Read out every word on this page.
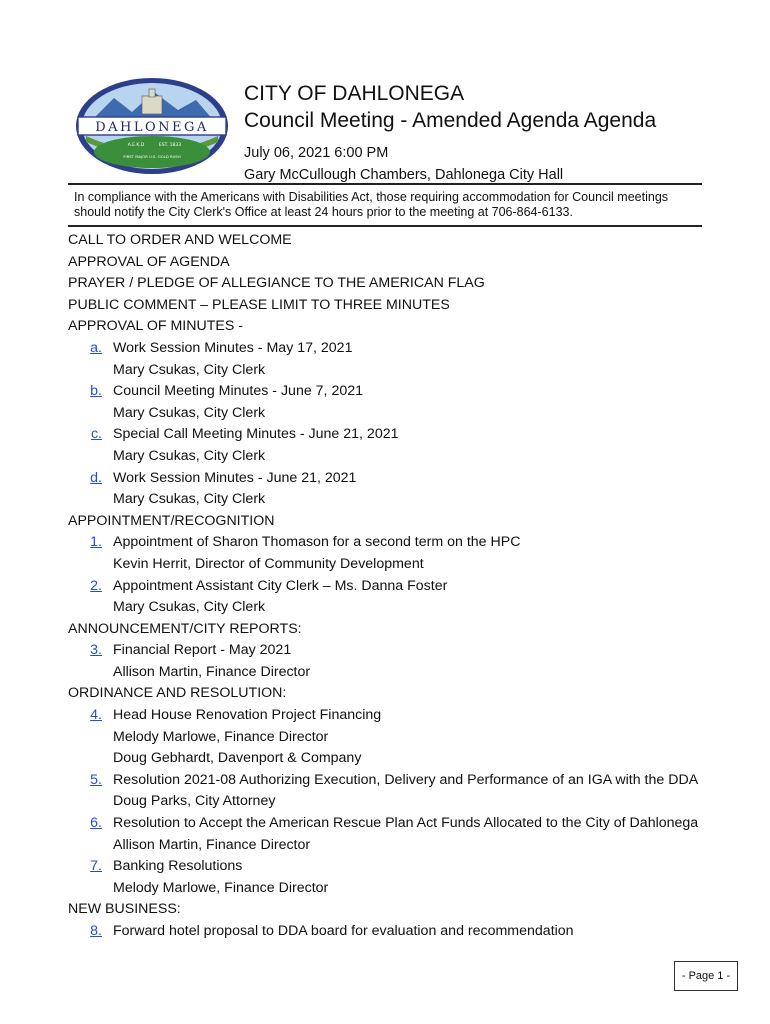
DAHLONEGA
A.E.K.D	EST. 1833
FIRST MAJOR U.S. GOLD RUSH
CITY OF DAHLONEGA
Council Meeting - Amended Agenda Agenda
July 06, 2021 6:00 PM
Gary McCullough Chambers, Dahlonega City Hall
In compliance with the Americans with Disabilities Act, those requiring accommodation for Council meetings
should notify the City Clerk's Office at least 24 hours prior to the meeting at 706-864-6133.
CALL TO ORDER AND WELCOME
APPROVAL OF AGENDA
PRAYER / PLEDGE OF ALLEGIANCE TO THE AMERICAN FLAG
PUBLIC COMMENT – PLEASE LIMIT TO THREE MINUTES
APPROVAL OF MINUTES -
a. Work Session Minutes - May 17, 2021
Mary Csukas, City Clerk
b. Council Meeting Minutes - June 7, 2021
Mary Csukas, City Clerk
c. Special Call Meeting Minutes - June 21, 2021
Mary Csukas, City Clerk
d. Work Session Minutes - June 21, 2021
Mary Csukas, City Clerk
APPOINTMENT/RECOGNITION
1. Appointment of Sharon Thomason for a second term on the HPC
Kevin Herrit, Director of Community Development
2. Appointment Assistant City Clerk – Ms. Danna Foster
Mary Csukas, City Clerk
ANNOUNCEMENT/CITY REPORTS:
3. Financial Report - May 2021
Allison Martin, Finance Director
ORDINANCE AND RESOLUTION:
4. Head House Renovation Project Financing
Melody Marlowe, Finance Director
Doug Gebhardt, Davenport & Company
5. Resolution 2021-08 Authorizing Execution, Delivery and Performance of an IGA with the DDA
Doug Parks, City Attorney
6. Resolution to Accept the American Rescue Plan Act Funds Allocated to the City of Dahlonega
Allison Martin, Finance Director
7. Banking Resolutions
Melody Marlowe, Finance Director
NEW BUSINESS:
8. Forward hotel proposal to DDA board for evaluation and recommendation
- Page 1 -
